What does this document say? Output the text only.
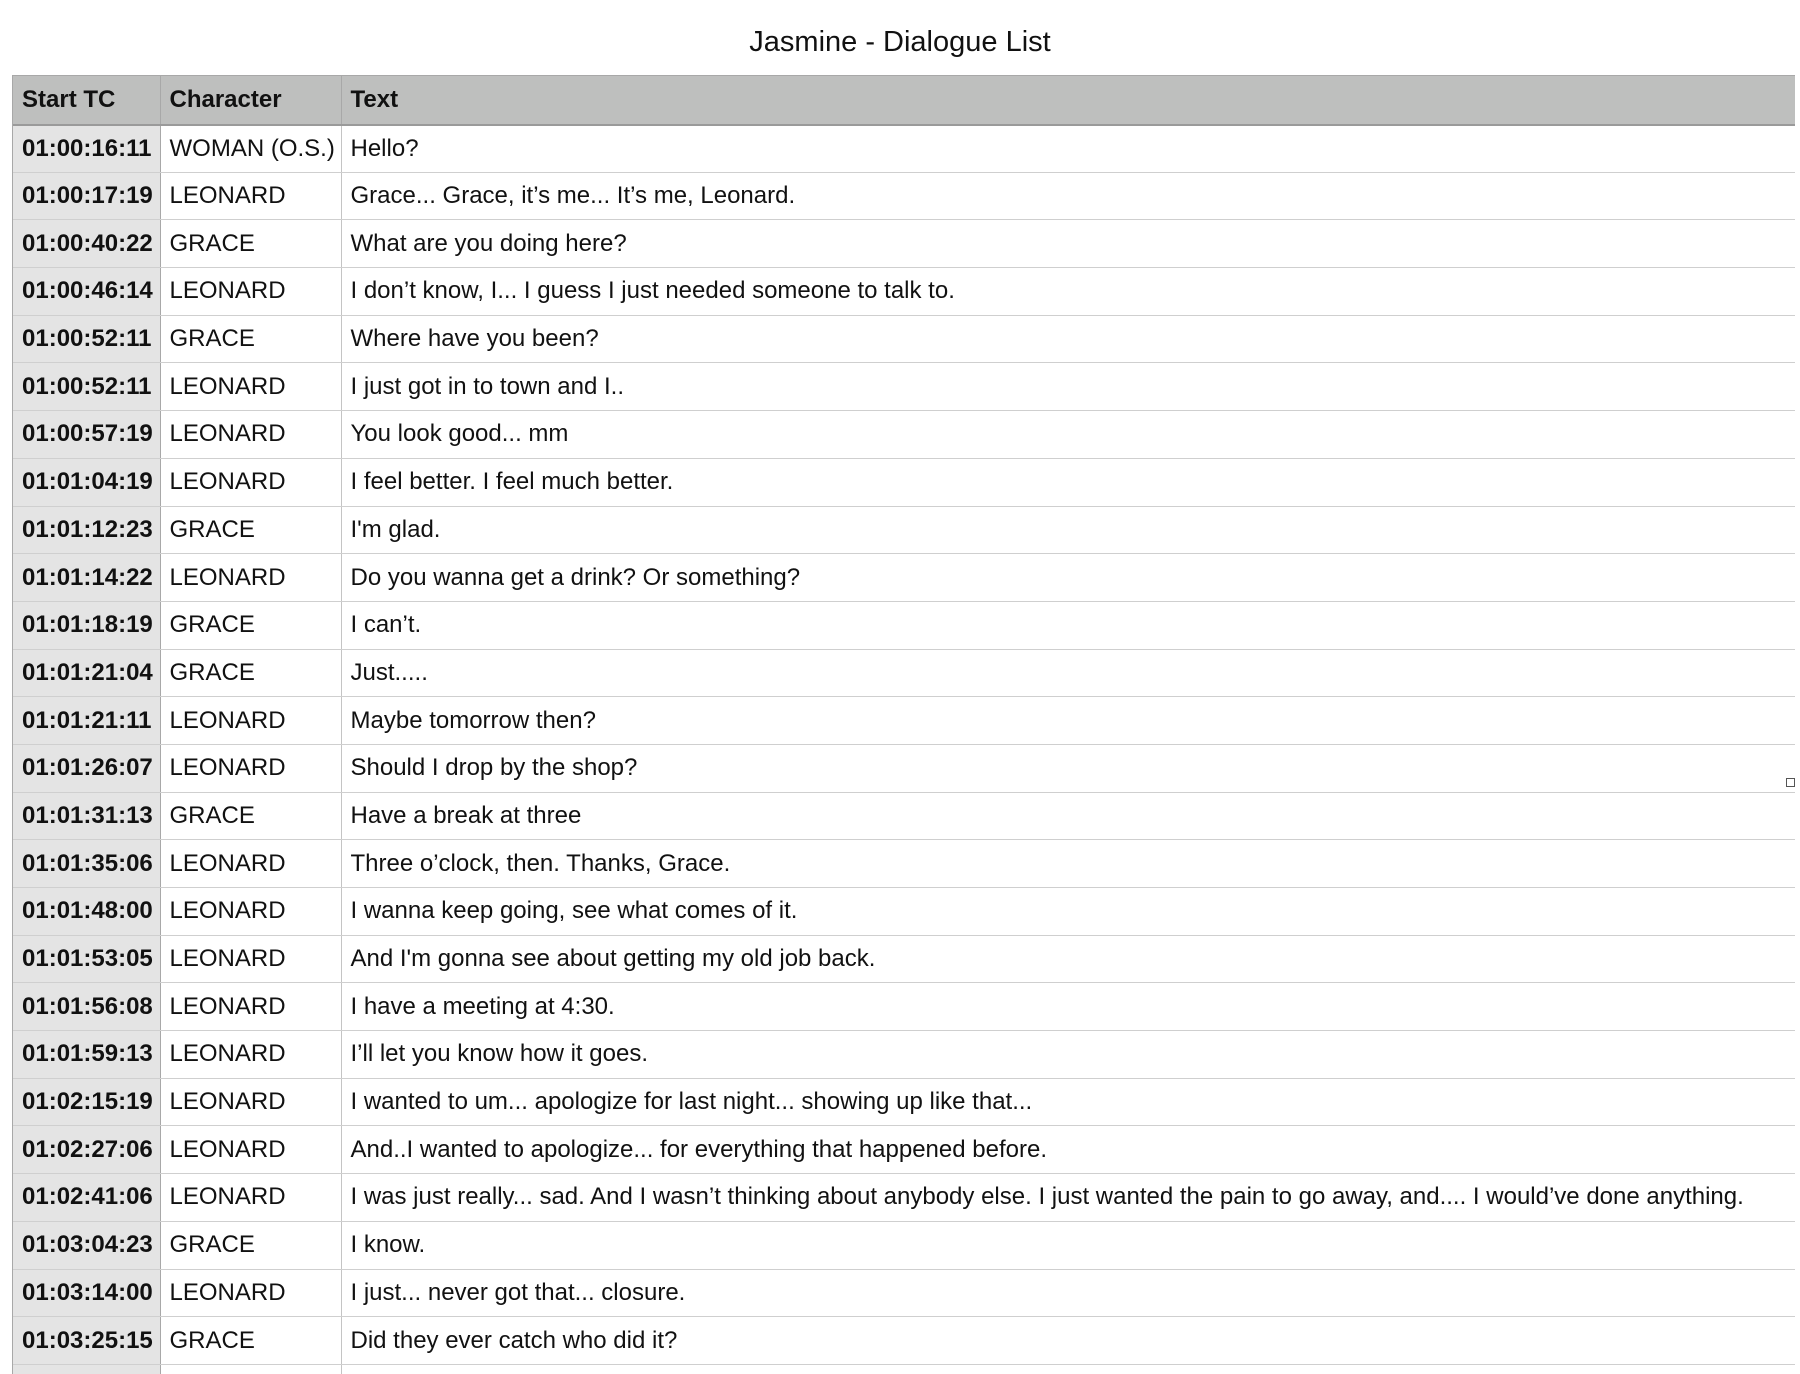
Jasmine - Dialogue List
Start TC	Character	Text
01:00:16:11	WOMAN (O.S.)	Hello?
01:00:17:19	LEONARD	Grace... Grace, it’s me... It’s me, Leonard.
01:00:40:22	GRACE	What are you doing here?
01:00:46:14	LEONARD	I don’t know, I... I guess I just needed someone to talk to.
01:00:52:11	GRACE	Where have you been?
01:00:52:11	LEONARD	I just got in to town and I..
01:00:57:19	LEONARD	You look good... mm
01:01:04:19	LEONARD	I feel better. I feel much better.
01:01:12:23	GRACE	I'm glad.
01:01:14:22	LEONARD	Do you wanna get a drink? Or something?
01:01:18:19	GRACE	I can’t.
01:01:21:04	GRACE	Just.....
01:01:21:11	LEONARD	Maybe tomorrow then?
01:01:26:07	LEONARD	Should I drop by the shop?
01:01:31:13	GRACE	Have a break at three
01:01:35:06	LEONARD	Three o’clock, then. Thanks, Grace.
01:01:48:00	LEONARD	I wanna keep going, see what comes of it.
01:01:53:05	LEONARD	And I'm gonna see about getting my old job back.
01:01:56:08	LEONARD	I have a meeting at 4:30.
01:01:59:13	LEONARD	I’ll let you know how it goes.
01:02:15:19	LEONARD	I wanted to um... apologize for last night... showing up like that...
01:02:27:06	LEONARD	And..I wanted to apologize... for everything that happened before.
01:02:41:06	LEONARD	I was just really... sad. And I wasn’t thinking about anybody else. I just wanted the pain to go away, and.... I would’ve done anything.
01:03:04:23	GRACE	I know.
01:03:14:00	LEONARD	I just... never got that... closure.
01:03:25:15	GRACE	Did they ever catch who did it?
